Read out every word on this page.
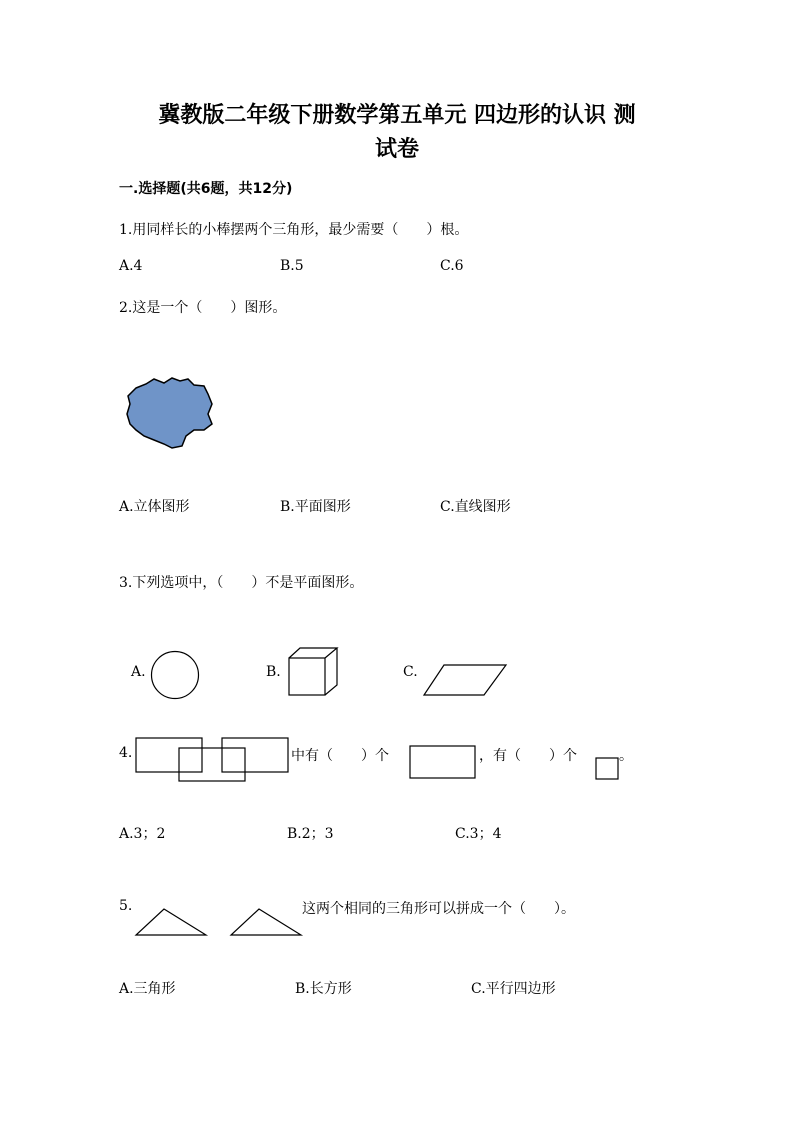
冀教版二年级下册数学第五单元 四边形的认识 测
试卷
一.选择题(共6题，共12分)
1.用同样长的小棒摆两个三角形，最少需要（　　）根。
A.4	B.5	C.6
2.这是一个（　　）图形。
A.立体图形	B.平面图形	C.直线图形
3.下列选项中，（　　）不是平面图形。
A.	B.	C.
4.	中有（　　）个	，有（　　）个	。
A.3；2	B.2；3	C.3；4
5.	这两个相同的三角形可以拼成一个（　　）。
A.三角形	B.长方形	C.平行四边形
